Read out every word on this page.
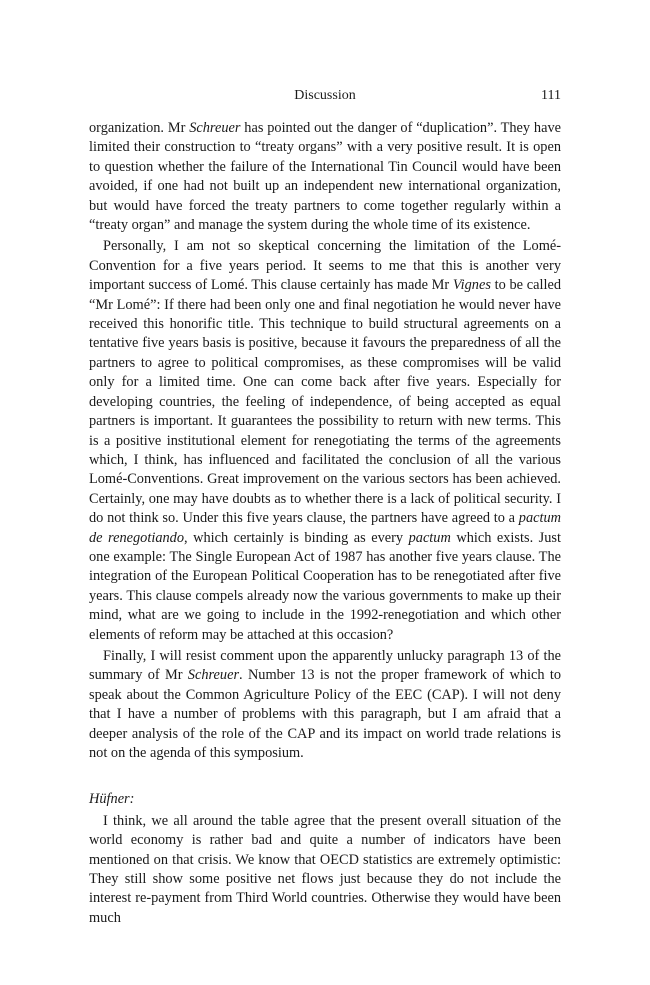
Discussion	111

organization. Mr Schreuer has pointed out the danger of “duplication”. They have limited their construction to “treaty organs” with a very positive result. It is open to question whether the failure of the International Tin Council would have been avoided, if one had not built up an independent new international organization, but would have forced the treaty partners to come together regularly within a “treaty organ” and manage the system during the whole time of its existence.

Personally, I am not so skeptical concerning the limitation of the Lomé-Convention for a five years period. It seems to me that this is another very important success of Lomé. This clause certainly has made Mr Vignes to be called “Mr Lomé”: If there had been only one and final negotiation he would never have received this honorific title. This technique to build structural agreements on a tentative five years basis is positive, because it favours the preparedness of all the partners to agree to political compromises, as these compromises will be valid only for a limited time. One can come back after five years. Especially for developing countries, the feeling of independence, of being accepted as equal partners is important. It guarantees the possibility to return with new terms. This is a positive institutional element for renegotiating the terms of the agreements which, I think, has influenced and facilitated the conclusion of all the various Lomé-Conventions. Great improvement on the various sectors has been achieved. Certainly, one may have doubts as to whether there is a lack of political security. I do not think so. Under this five years clause, the partners have agreed to a pactum de renegotiando, which certainly is binding as every pactum which exists. Just one example: The Single European Act of 1987 has another five years clause. The integration of the European Political Cooperation has to be renegotiated after five years. This clause compels already now the various governments to make up their mind, what are we going to include in the 1992-renegotiation and which other elements of reform may be attached at this occasion?

Finally, I will resist comment upon the apparently unlucky paragraph 13 of the summary of Mr Schreuer. Number 13 is not the proper framework of which to speak about the Common Agriculture Policy of the EEC (CAP). I will not deny that I have a number of problems with this paragraph, but I am afraid that a deeper analysis of the role of the CAP and its impact on world trade relations is not on the agenda of this symposium.

Hüfner:

I think, we all around the table agree that the present overall situation of the world economy is rather bad and quite a number of indicators have been mentioned on that crisis. We know that OECD statistics are extremely optimistic: They still show some positive net flows just because they do not include the interest re-payment from Third World countries. Otherwise they would have been much
